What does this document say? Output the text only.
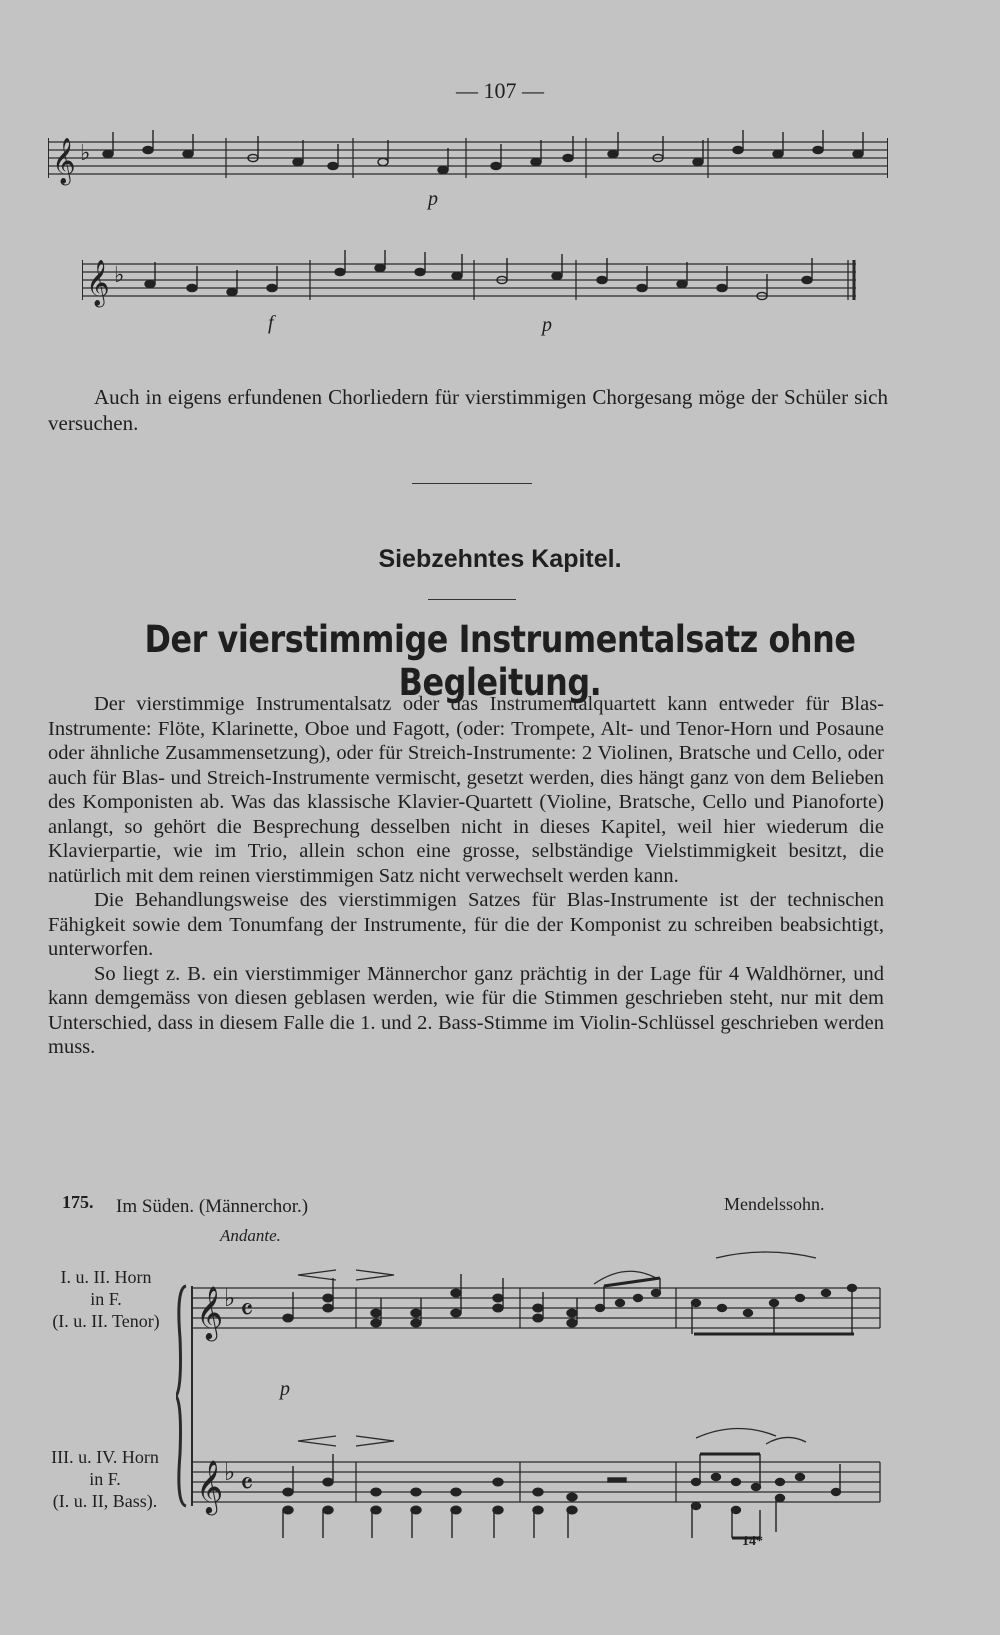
— 107 —
𝄞 ♭
p
𝄞 ♭
f	p
Auch in eigens erfundenen Chorliedern für vierstimmigen Chorgesang möge der Schüler sich versuchen.
Siebzehntes Kapitel.
Der vierstimmige Instrumentalsatz ohne Begleitung.

Der vierstimmige Instrumentalsatz oder das Instrumentalquartett kann entweder für Blas-Instrumente: Flöte, Klarinette, Oboe und Fagott, (oder: Trompete, Alt- und Tenor-Horn und Posaune oder ähnliche Zusammensetzung), oder für Streich-Instrumente: 2 Violinen, Bratsche und Cello, oder auch für Blas- und Streich-Instrumente vermischt, gesetzt werden, dies hängt ganz von dem Belieben des Komponisten ab. Was das klassische Klavier-Quartett (Violine, Bratsche, Cello und Pianoforte) anlangt, so gehört die Besprechung desselben nicht in dieses Kapitel, weil hier wiederum die Klavierpartie, wie im Trio, allein schon eine grosse, selbständige Vielstimmigkeit besitzt, die natürlich mit dem reinen vierstimmigen Satz nicht verwechselt werden kann.

Die Behandlungsweise des vierstimmigen Satzes für Blas-Instrumente ist der technischen Fähigkeit sowie dem Tonumfang der Instrumente, für die der Komponist zu schreiben beabsichtigt, unterworfen.

So liegt z. B. ein vierstimmiger Männerchor ganz prächtig in der Lage für 4 Waldhörner, und kann demgemäss von diesen geblasen werden, wie für die Stimmen geschrieben steht, nur mit dem Unterschied, dass in diesem Falle die 1. und 2. Bass-Stimme im Violin-Schlüssel geschrieben werden muss.

175. Im Süden. (Männerchor.)	Mendelssohn.
Andante.
I. u. II. Horn
in F.
(I. u. II. Tenor)
III. u. IV. Horn
in F.
(I. u. II, Bass).
𝄞 ♭ 𝄴
𝄞 ♭ 𝄴
p
14*
